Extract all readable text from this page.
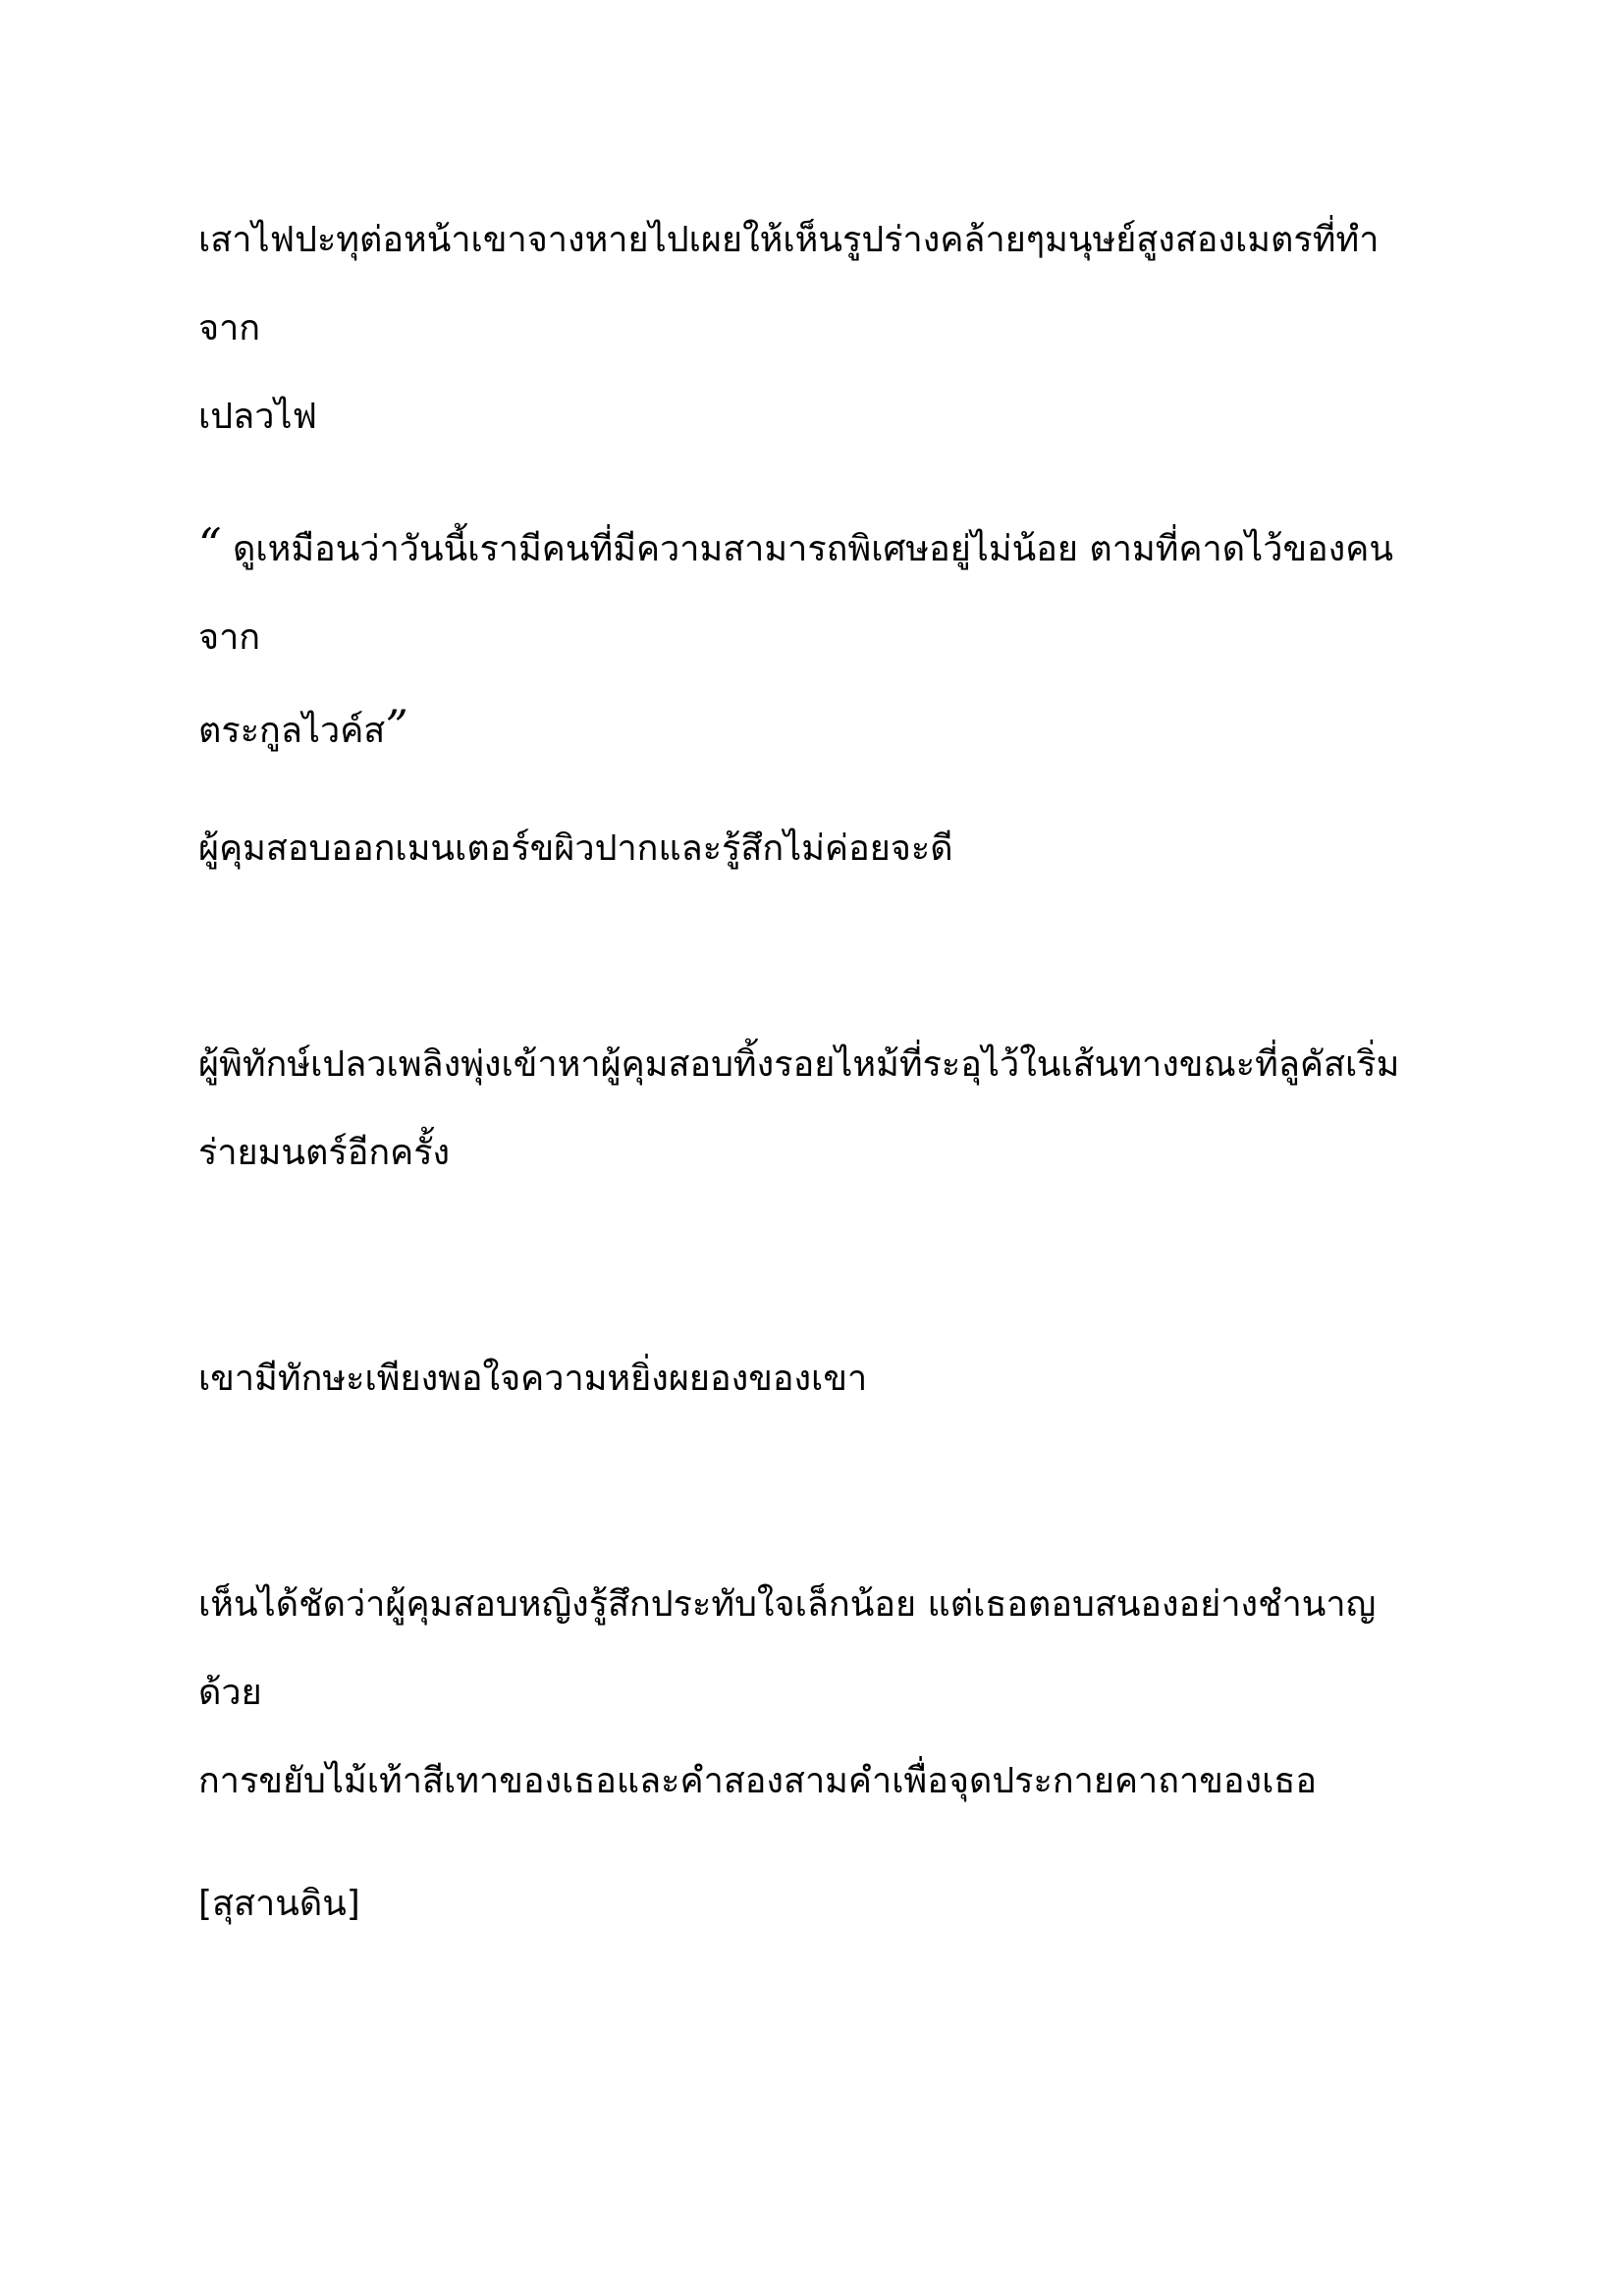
เสาไฟปะทุต่อหน้าเขาจางหายไปเผยให้เห็นรูปร่างคล้ายๆมนุษย์สูงสองเมตรที่ทำจาก
เปลวไฟ

“ ดูเหมือนว่าวันนี้เรามีคนที่มีความสามารถพิเศษอยู่ไม่น้อย ตามที่คาดไว้ของคนจาก
ตระกูลไวค์ส”

ผู้คุมสอบออกเมนเตอร์ขผิวปากและรู้สึกไม่ค่อยจะดี

ผู้พิทักษ์เปลวเพลิงพุ่งเข้าหาผู้คุมสอบทิ้งรอยไหม้ที่ระอุไว้ในเส้นทางขณะที่ลูคัสเริ่ม
ร่ายมนตร์อีกครั้ง

เขามีทักษะเพียงพอใจความหยิ่งผยองของเขา

เห็นได้ชัดว่าผู้คุมสอบหญิงรู้สึกประทับใจเล็กน้อย แต่เธอตอบสนองอย่างชำนาญด้วย
การขยับไม้เท้าสีเทาของเธอและคำสองสามคำเพื่อจุดประกายคาถาของเธอ

[สุสานดิน]
